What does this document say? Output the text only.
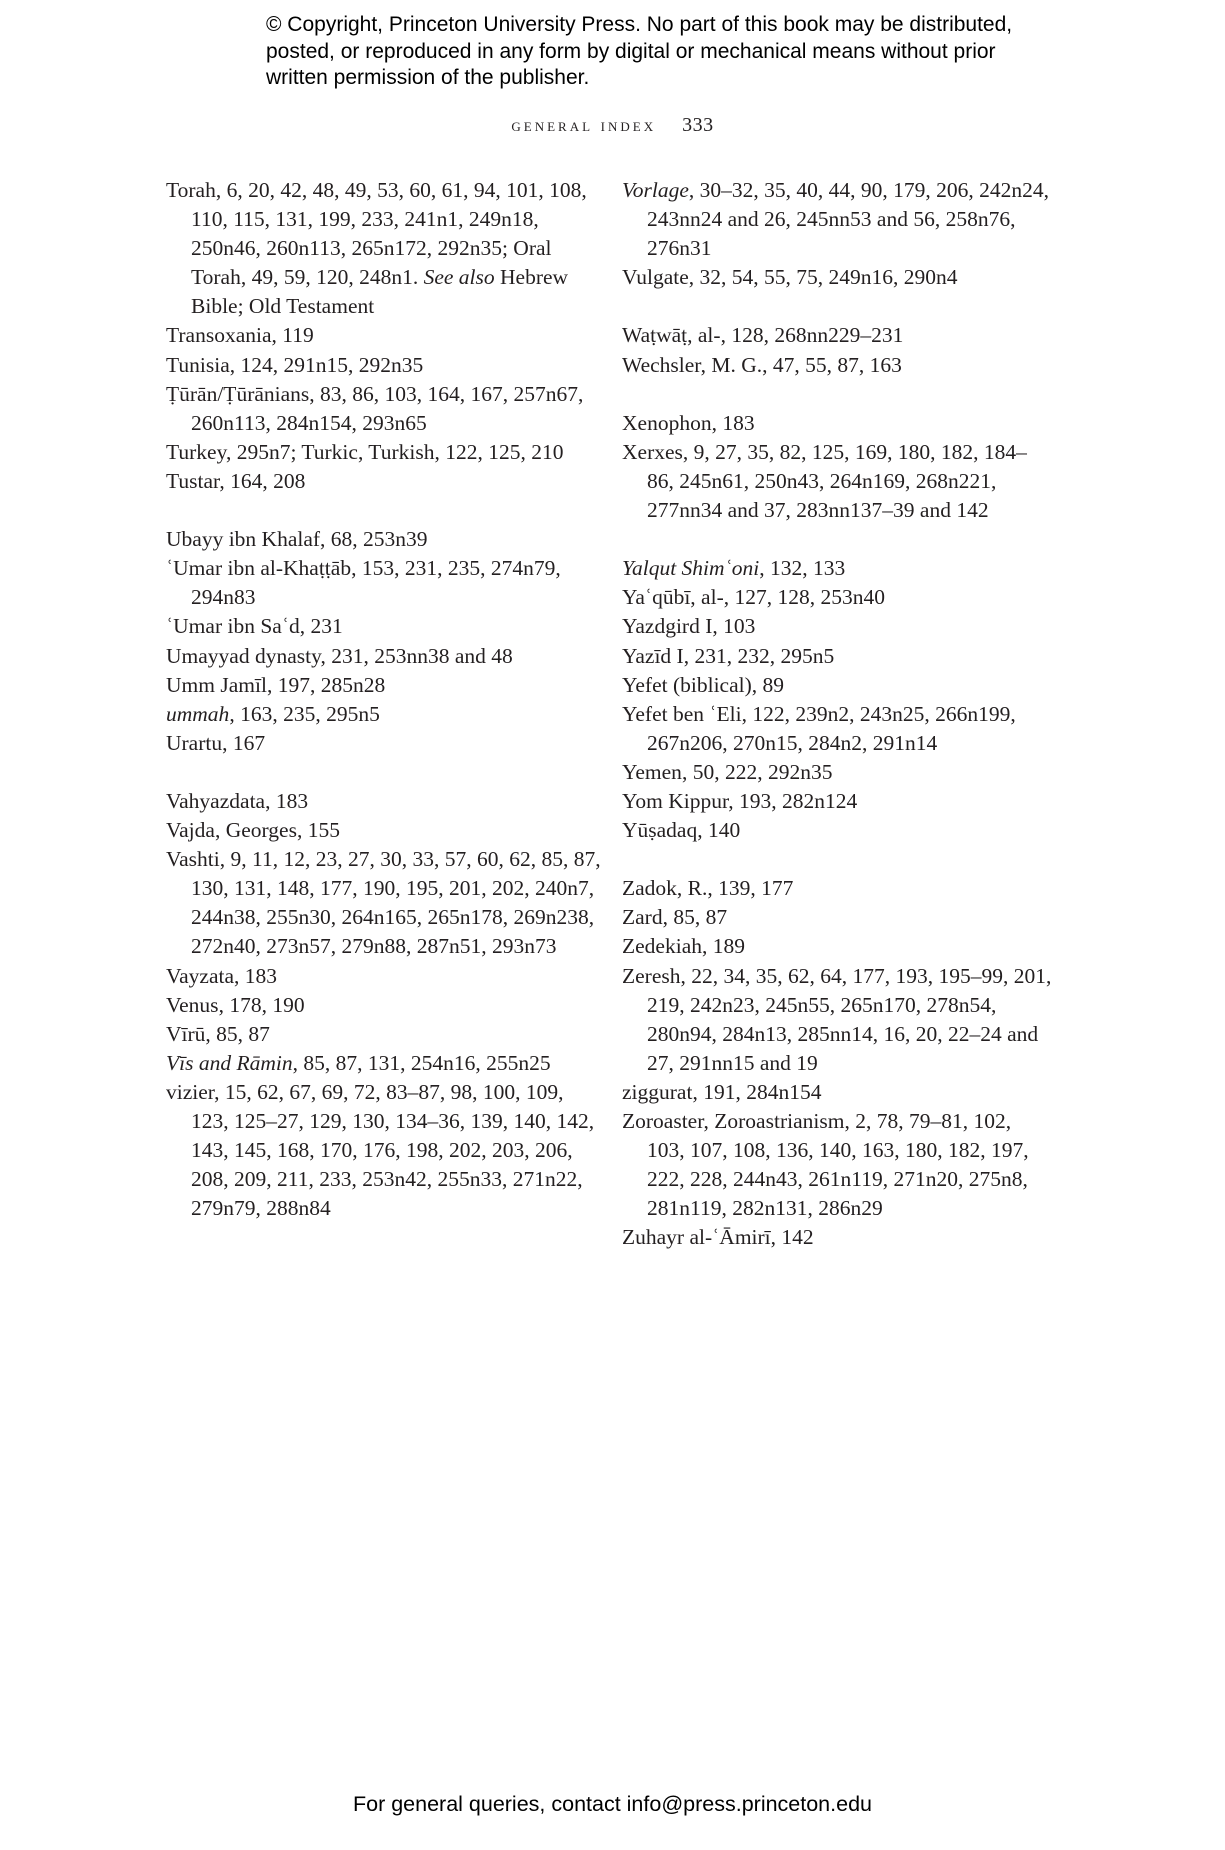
© Copyright, Princeton University Press. No part of this book may be distributed, posted, or reproduced in any form by digital or mechanical means without prior written permission of the publisher.
general index 333
Torah, 6, 20, 42, 48, 49, 53, 60, 61, 94, 101, 108, 110, 115, 131, 199, 233, 241n1, 249n18, 250n46, 260n113, 265n172, 292n35; Oral Torah, 49, 59, 120, 248n1. See also Hebrew Bible; Old Testament
Transoxania, 119
Tunisia, 124, 291n15, 292n35
Ṭūrān/Ṭūrānians, 83, 86, 103, 164, 167, 257n67, 260n113, 284n154, 293n65
Turkey, 295n7; Turkic, Turkish, 122, 125, 210
Tustar, 164, 208
Ubayy ibn Khalaf, 68, 253n39
ʿUmar ibn al-Khaṭṭāb, 153, 231, 235, 274n79, 294n83
ʿUmar ibn Saʿd, 231
Umayyad dynasty, 231, 253nn38 and 48
Umm Jamīl, 197, 285n28
ummah, 163, 235, 295n5
Urartu, 167
Vahyazdata, 183
Vajda, Georges, 155
Vashti, 9, 11, 12, 23, 27, 30, 33, 57, 60, 62, 85, 87, 130, 131, 148, 177, 190, 195, 201, 202, 240n7, 244n38, 255n30, 264n165, 265n178, 269n238, 272n40, 273n57, 279n88, 287n51, 293n73
Vayzata, 183
Venus, 178, 190
Vīrū, 85, 87
Vīs and Rāmin, 85, 87, 131, 254n16, 255n25
vizier, 15, 62, 67, 69, 72, 83–87, 98, 100, 109, 123, 125–27, 129, 130, 134–36, 139, 140, 142, 143, 145, 168, 170, 176, 198, 202, 203, 206, 208, 209, 211, 233, 253n42, 255n33, 271n22, 279n79, 288n84
Vorlage, 30–32, 35, 40, 44, 90, 179, 206, 242n24, 243nn24 and 26, 245nn53 and 56, 258n76, 276n31
Vulgate, 32, 54, 55, 75, 249n16, 290n4
Waṭwāṭ, al-, 128, 268nn229–231
Wechsler, M. G., 47, 55, 87, 163
Xenophon, 183
Xerxes, 9, 27, 35, 82, 125, 169, 180, 182, 184–86, 245n61, 250n43, 264n169, 268n221, 277nn34 and 37, 283nn137–39 and 142
Yalqut Shimʿoni, 132, 133
Yaʿqūbī, al-, 127, 128, 253n40
Yazdgird I, 103
Yazīd I, 231, 232, 295n5
Yefet (biblical), 89
Yefet ben ʿEli, 122, 239n2, 243n25, 266n199, 267n206, 270n15, 284n2, 291n14
Yemen, 50, 222, 292n35
Yom Kippur, 193, 282n124
Yūṣadaq, 140
Zadok, R., 139, 177
Zard, 85, 87
Zedekiah, 189
Zeresh, 22, 34, 35, 62, 64, 177, 193, 195–99, 201, 219, 242n23, 245n55, 265n170, 278n54, 280n94, 284n13, 285nn14, 16, 20, 22–24 and 27, 291nn15 and 19
ziggurat, 191, 284n154
Zoroaster, Zoroastrianism, 2, 78, 79–81, 102, 103, 107, 108, 136, 140, 163, 180, 182, 197, 222, 228, 244n43, 261n119, 271n20, 275n8, 281n119, 282n131, 286n29
Zuhayr al-ʿĀmirī, 142
For general queries, contact info@press.princeton.edu
